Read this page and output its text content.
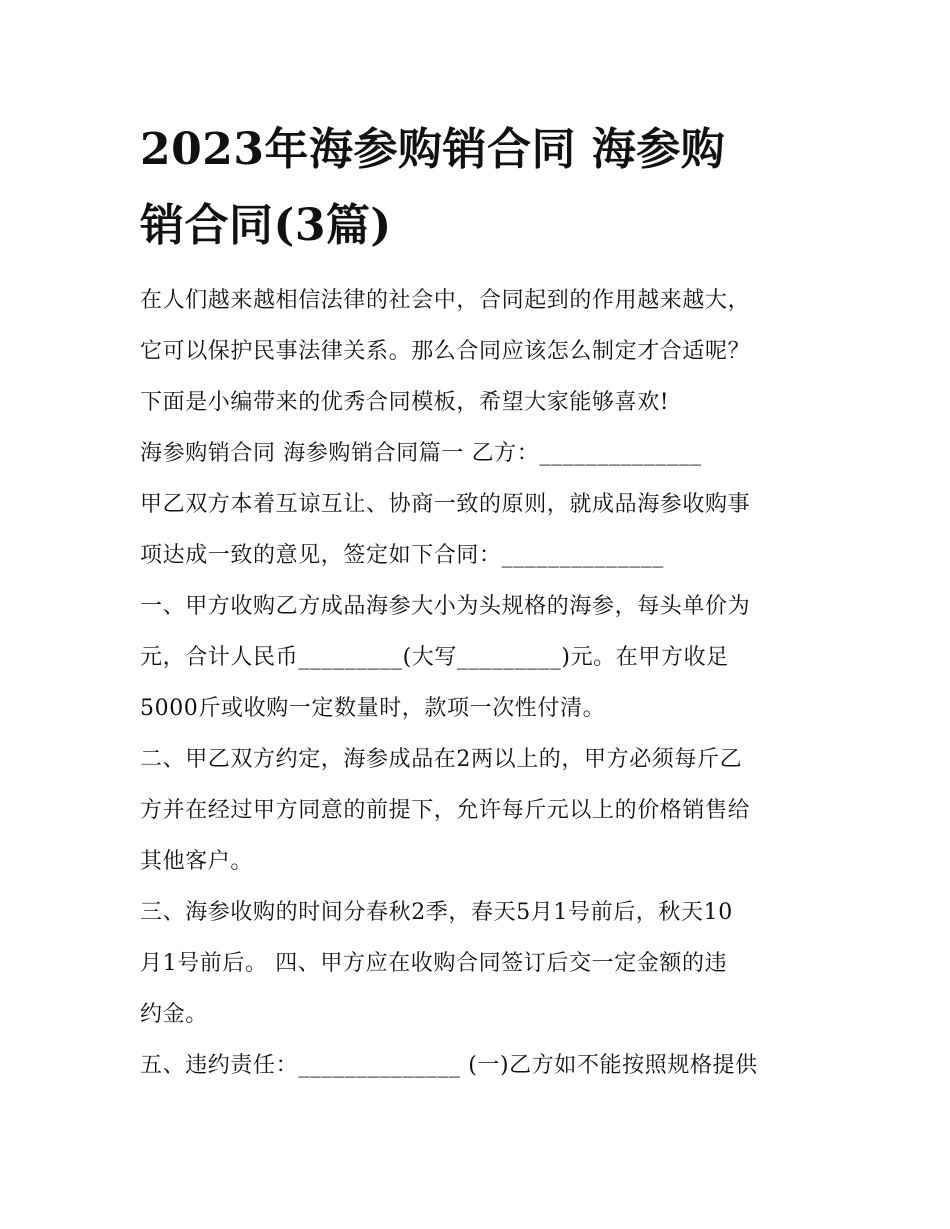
2023年海参购销合同 海参购
销合同(3篇)
在人们越来越相信法律的社会中，合同起到的作用越来越大，
它可以保护民事法律关系。那么合同应该怎么制定才合适呢？
下面是小编带来的优秀合同模板，希望大家能够喜欢!
海参购销合同 海参购销合同篇一 乙方：______________
甲乙双方本着互谅互让、协商一致的原则，就成品海参收购事
项达成一致的意见，签定如下合同：______________
一、甲方收购乙方成品海参大小为头规格的海参，每头单价为
元，合计人民币_________(大写_________)元。在甲方收足
5000斤或收购一定数量时，款项一次性付清。
二、甲乙双方约定，海参成品在2两以上的，甲方必须每斤乙
方并在经过甲方同意的前提下，允许每斤元以上的价格销售给
其他客户。
三、海参收购的时间分春秋2季，春天5月1号前后，秋天10
月1号前后。 四、甲方应在收购合同签订后交一定金额的违
约金。
五、违约责任：______________ (一)乙方如不能按照规格提供
